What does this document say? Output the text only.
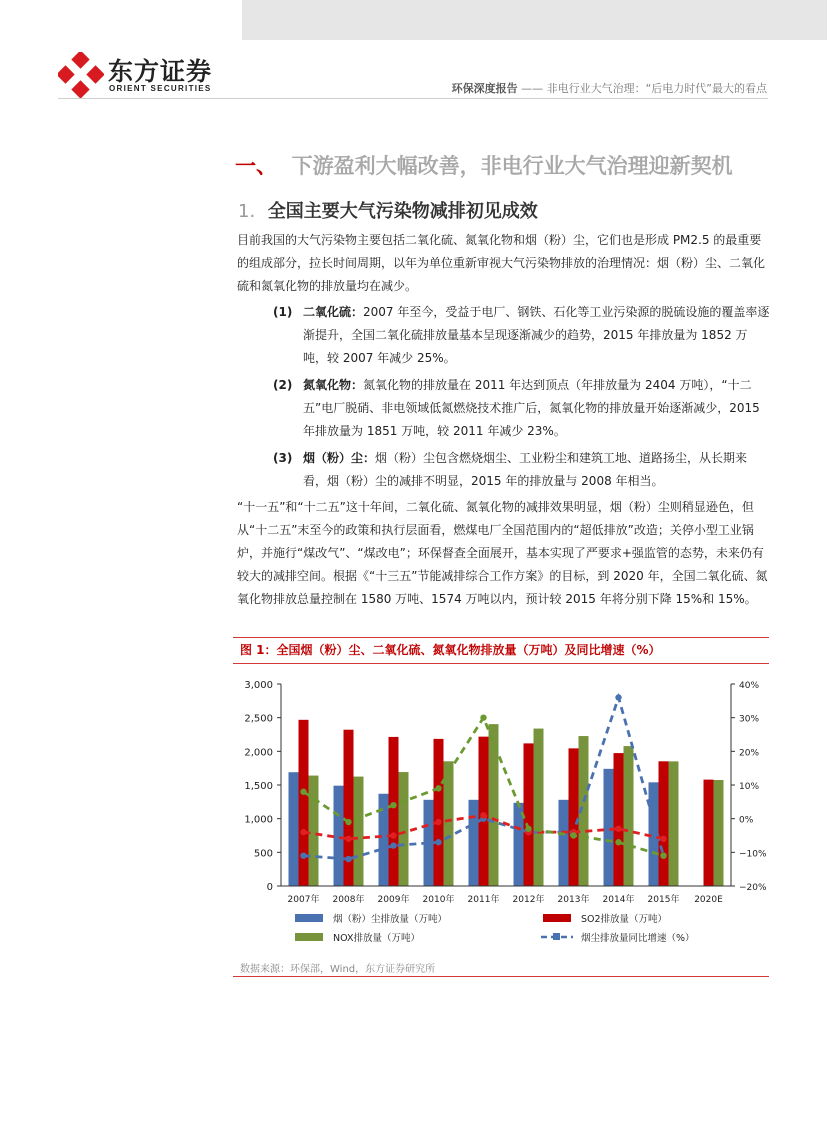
东方证券
ORIENT SECURITIES	环保深度报告 —— 非电行业大气治理：“后电力时代”最大的看点
一、 下游盈利大幅改善，非电行业大气治理迎新契机
1. 全国主要大气污染物减排初见成效
目前我国的大气污染物主要包括二氧化硫、氮氧化物和烟（粉）尘，它们也是形成 PM2.5 的最重要的组成部分，拉长时间周期，以年为单位重新审视大气污染物排放的治理情况：烟（粉）尘、二氧化硫和氮氧化物的排放量均在减少。
(1) 二氧化硫：2007 年至今，受益于电厂、钢铁、石化等工业污染源的脱硫设施的覆盖率逐渐提升，全国二氧化硫排放量基本呈现逐渐减少的趋势，2015 年排放量为 1852 万吨，较 2007 年减少 25%。
(2) 氮氧化物：氮氧化物的排放量在 2011 年达到顶点（年排放量为 2404 万吨），“十二五”电厂脱硝、非电领域低氮燃烧技术推广后，氮氧化物的排放量开始逐渐减少，2015 年排放量为 1851 万吨，较 2011 年减少 23%。
(3) 烟（粉）尘：烟（粉）尘包含燃烧烟尘、工业粉尘和建筑工地、道路扬尘，从长期来看，烟（粉）尘的减排不明显，2015 年的排放量与 2008 年相当。
“十一五”和“十二五”这十年间，二氧化硫、氮氧化物的减排效果明显，烟（粉）尘则稍显逊色，但从“十二五”末至今的政策和执行层面看，燃煤电厂全国范围内的“超低排放”改造；关停小型工业锅炉，并施行“煤改气”、“煤改电”；环保督查全面展开，基本实现了严要求+强监管的态势，未来仍有较大的减排空间。根据《“十三五”节能减排综合工作方案》的目标，到 2020 年，全国二氧化硫、氮氧化物排放总量控制在 1580 万吨、1574 万吨以内，预计较 2015 年将分别下降 15%和 15%。
图 1：全国烟（粉）尘、二氧化硫、氮氧化物排放量（万吨）及同比增速（%）
0
500
1,000
1,500
2,000
2,500
3,000
−20%
−10%
0%
10%
20%
30%
40%
2007年 2008年 2009年 2010年 2011年 2012年 2013年 2014年 2015年 2020E
烟（粉）尘排放量（万吨）	SO2排放量（万吨）
NOX排放量（万吨）	烟尘排放量同比增速（%）
数据来源：环保部，Wind，东方证券研究所
